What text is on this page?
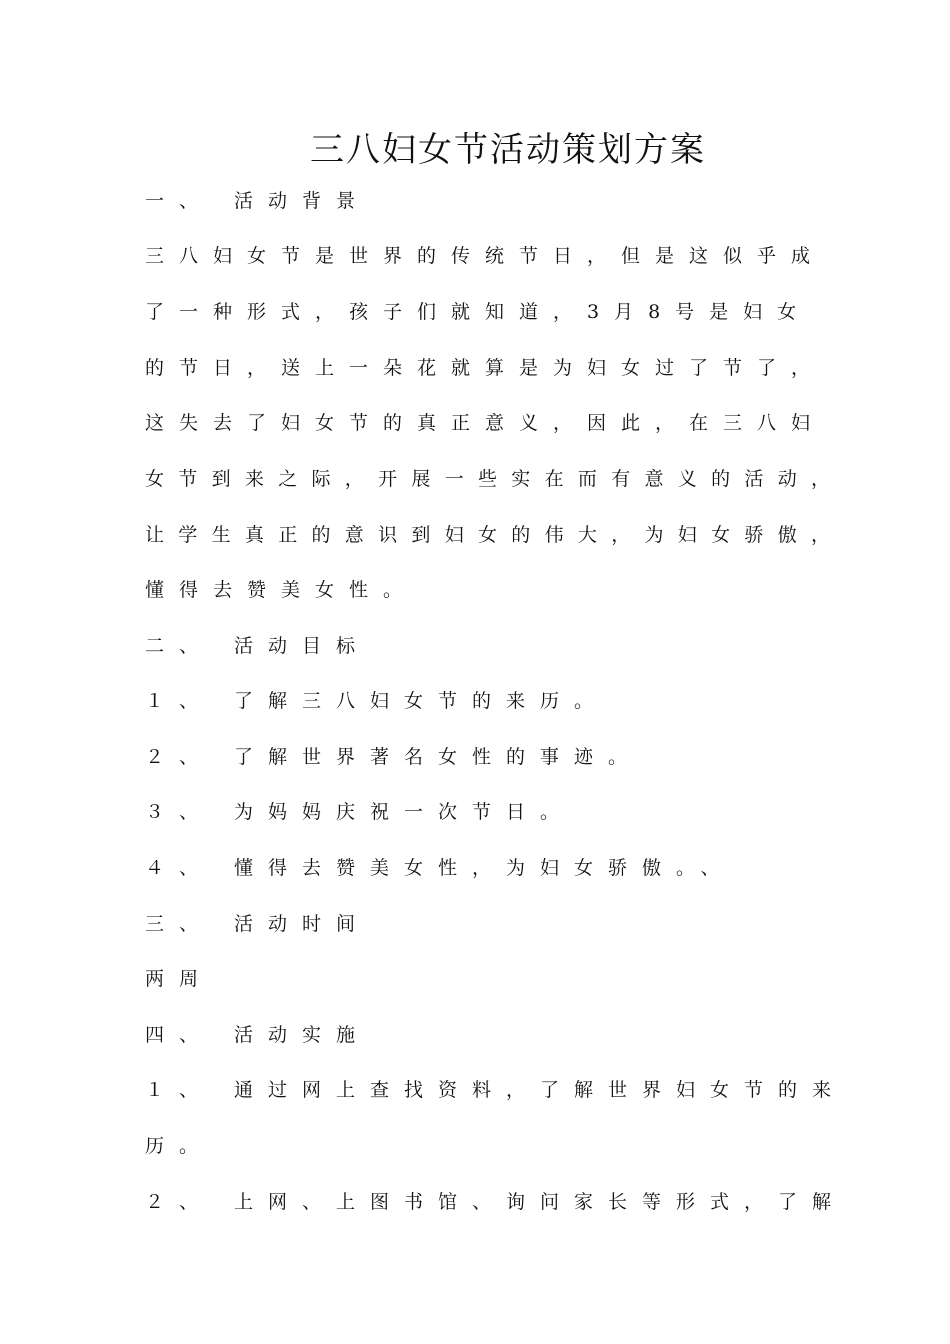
三八妇女节活动策划方案

一、 活动背景

三八妇女节是世界的传统节日，但是这似乎成

了一种形式，孩子们就知道，3月8号是妇女

的节日，送上一朵花就算是为妇女过了节了，

这失去了妇女节的真正意义，因此，在三八妇

女节到来之际，开展一些实在而有意义的活动，

让学生真正的意识到妇女的伟大，为妇女骄傲，

懂得去赞美女性。

二、 活动目标

１、 了解三八妇女节的来历。

２、 了解世界著名女性的事迹。

３、 为妈妈庆祝一次节日。

４、 懂得去赞美女性，为妇女骄傲。、

三、 活动时间

两周

四、 活动实施

１、 通过网上查找资料，了解世界妇女节的来

历。

２、 上网、上图书馆、询问家长等形式，了解
